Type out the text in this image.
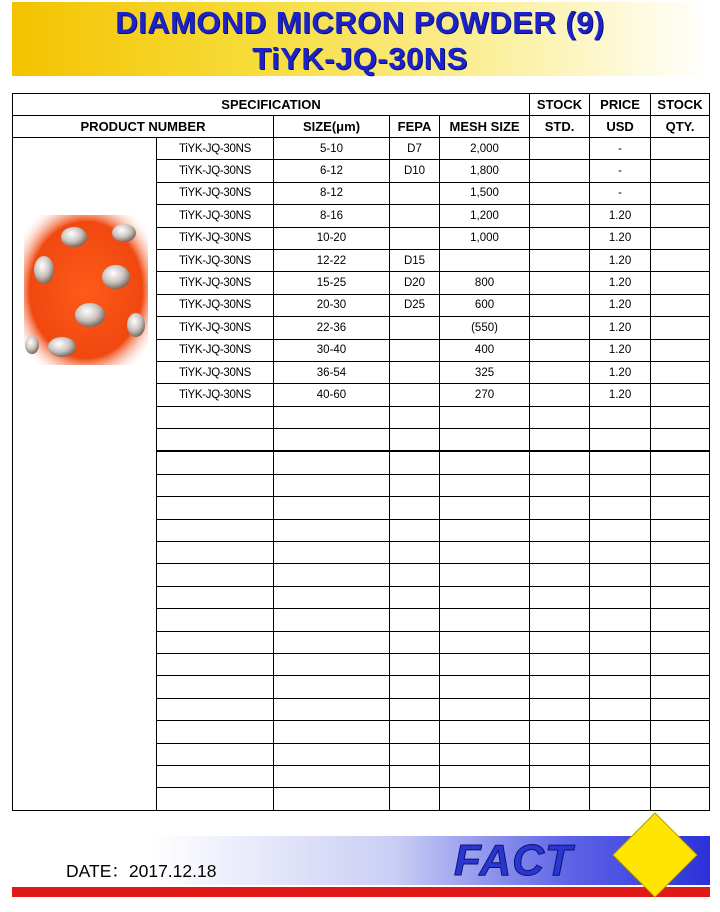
DIAMOND MICRON POWDER (9)
TiYK-JQ-30NS
SPECIFICATION					STOCK	PRICE	STOCK
PRODUCT NUMBER		SIZE(μm)	FEPA	MESH SIZE	STD.	USD	QTY.
	TiYK-JQ-30NS	5-10	D7	2,000		-	
	TiYK-JQ-30NS	6-12	D10	1,800		-	
	TiYK-JQ-30NS	8-12		1,500		-	
	TiYK-JQ-30NS	8-16		1,200		1.20	
	TiYK-JQ-30NS	10-20		1,000		1.20	
	TiYK-JQ-30NS	12-22	D15			1.20	
	TiYK-JQ-30NS	15-25	D20	800		1.20	
	TiYK-JQ-30NS	20-30	D25	600		1.20	
	TiYK-JQ-30NS	22-36		(550)		1.20	
	TiYK-JQ-30NS	30-40		400		1.20	
	TiYK-JQ-30NS	36-54		325		1.20	
	TiYK-JQ-30NS	40-60		270		1.20	

DATE：2017.12.18	FACT
